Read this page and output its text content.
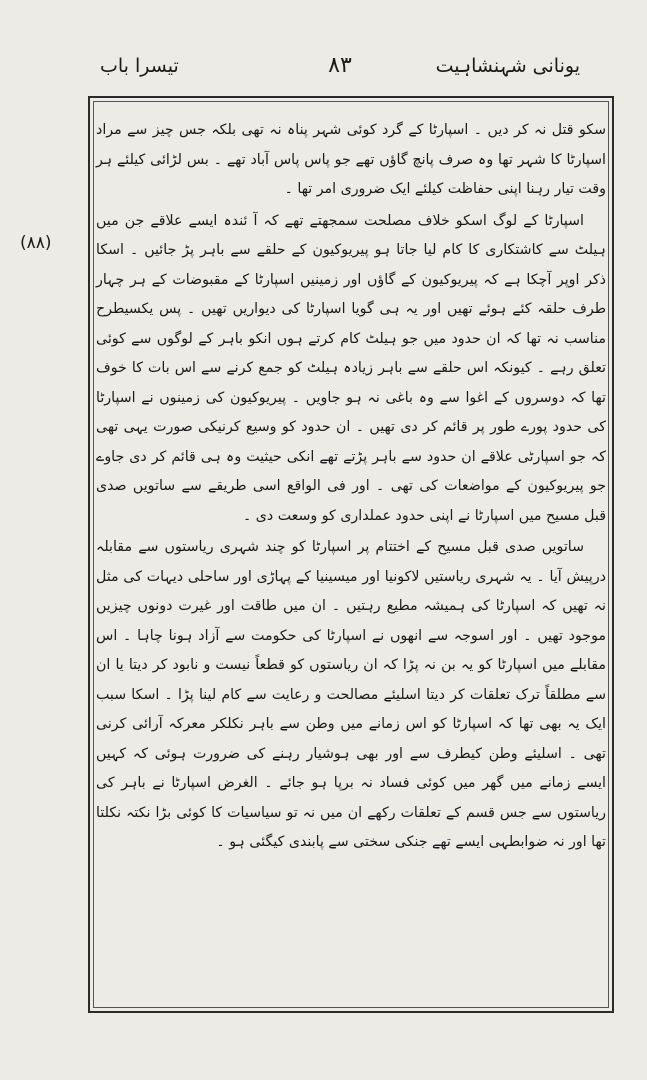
یونانی شہنشاہیت
۸۳
تیسرا باب
(۸۸)

سکو قتل نہ کر دیں ۔ اسپارٹا کے گرد کوئی شہر پناہ نہ تھی بلکہ جس چیز سے مراد اسپارٹا کا شہر تھا وہ صرف پانچ گاؤں تھے جو پاس پاس آباد تھے ۔ بس لڑائی کیلئے ہر وقت تیار رہنا اپنی حفاظت کیلئے ایک ضروری امر تھا ۔

اسپارٹا کے لوگ اسکو خلاف مصلحت سمجھتے تھے کہ آ ئندہ ایسے علاقے جن میں ہیلٹ سے کاشتکاری کا کام لیا جاتا ہو پیریوکیون کے حلقے سے باہر پڑ جائیں ۔ اسکا ذکر اوپر آچکا ہے کہ پیریوکیون کے گاؤں اور زمینیں اسپارٹا کے مقبوضات کے ہر چہار طرف حلقہ کئے ہوئے تھیں اور یہ ہی گویا اسپارٹا کی دیواریں تھیں ۔ پس یکسیطرح مناسب نہ تھا کہ ان حدود میں جو ہیلٹ کام کرتے ہوں انکو باہر کے لوگوں سے کوئی تعلق رہے ۔ کیونکہ اس حلقے سے باہر زیادہ ہیلٹ کو جمع کرنے سے اس بات کا خوف تھا کہ دوسروں کے اغوا سے وہ باغی نہ ہو جاویں ۔ پیریوکیون کی زمینوں نے اسپارٹا کی حدود پورے طور پر قائم کر دی تھیں ۔ ان حدود کو وسیع کرنیکی صورت یہی تھی کہ جو اسپارٹی علاقے ان حدود سے باہر پڑتے تھے انکی حیثیت وہ ہی قائم کر دی جاوے جو پیریوکیون کے مواضعات کی تھی ۔ اور فی الواقع اسی طریقے سے ساتویں صدی قبل مسیح میں اسپارٹا نے اپنی حدود عملداری کو وسعت دی ۔

ساتویں صدی قبل مسیح کے اختتام پر اسپارٹا کو چند شہری ریاستوں سے مقابلہ درپیش آیا ۔ یہ شہری ریاستیں لاکونیا اور میسینیا کے پہاڑی اور ساحلی دیہات کی مثل نہ تھیں کہ اسپارٹا کی ہمیشہ مطیع رہتیں ۔ ان میں طاقت اور غیرت دونوں چیزیں موجود تھیں ۔ اور اسوجہ سے انھوں نے اسپارٹا کی حکومت سے آزاد ہونا چاہا ۔ اس مقابلے میں اسپارٹا کو یہ بن نہ پڑا کہ ان ریاستوں کو قطعاً نیست و نابود کر دیتا یا ان سے مطلقاً ترک تعلقات کر دیتا اسلیئے مصالحت و رعایت سے کام لینا پڑا ۔ اسکا سبب ایک یہ بھی تھا کہ اسپارٹا کو اس زمانے میں وطن سے باہر نکلکر معرکہ آرائی کرنی تھی ۔ اسلیئے وطن کیطرف سے اور بھی ہوشیار رہنے کی ضرورت ہوئی کہ کہیں ایسے زمانے میں گھر میں کوئی فساد نہ برپا ہو جائے ۔ الغرض اسپارٹا نے باہر کی ریاستوں سے جس قسم کے تعلقات رکھے ان میں نہ تو سیاسیات کا کوئی بڑا نکتہ نکلتا تھا اور نہ ضوابطہی ایسے تھے جنکی سختی سے پابندی کیگئی ہو ۔
